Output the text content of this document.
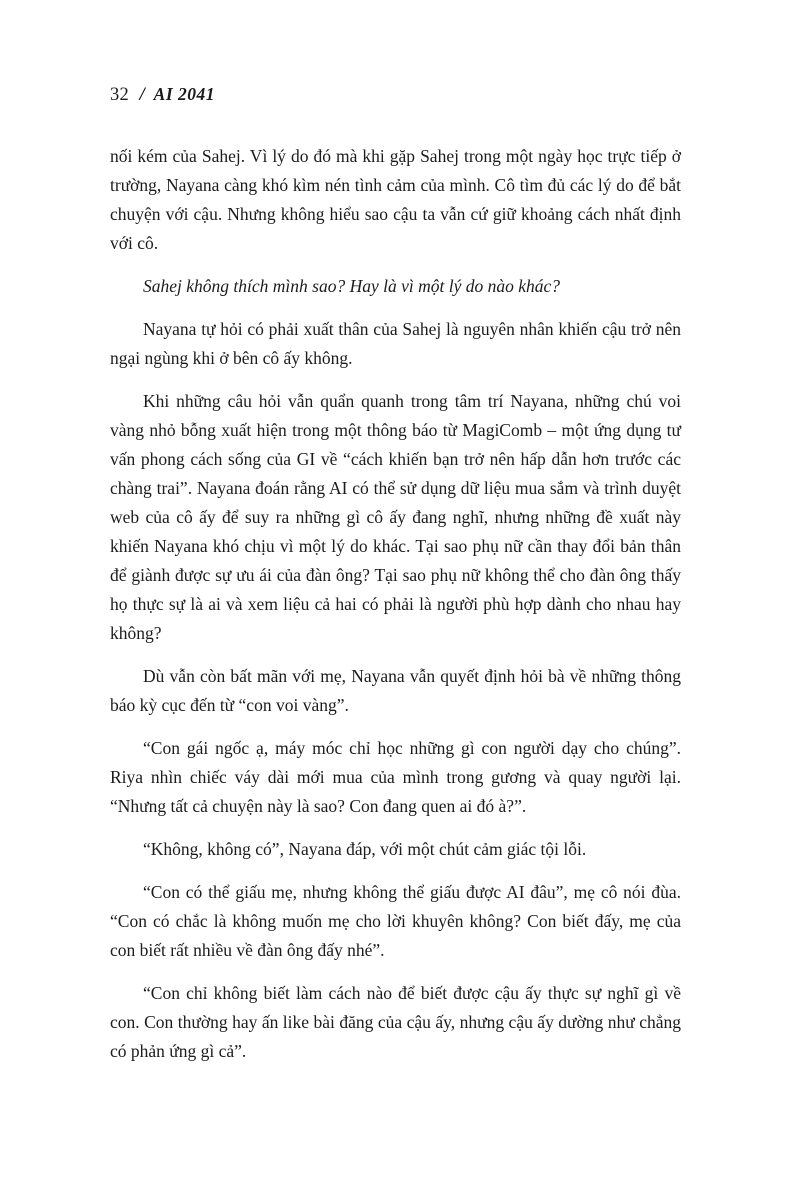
32 / AI 2041

nối kém của Sahej. Vì lý do đó mà khi gặp Sahej trong một ngày học trực tiếp ở trường, Nayana càng khó kìm nén tình cảm của mình. Cô tìm đủ các lý do để bắt chuyện với cậu. Nhưng không hiểu sao cậu ta vẫn cứ giữ khoảng cách nhất định với cô.

Sahej không thích mình sao? Hay là vì một lý do nào khác?

Nayana tự hỏi có phải xuất thân của Sahej là nguyên nhân khiến cậu trở nên ngại ngùng khi ở bên cô ấy không.

Khi những câu hỏi vẫn quẩn quanh trong tâm trí Nayana, những chú voi vàng nhỏ bỗng xuất hiện trong một thông báo từ MagiComb – một ứng dụng tư vấn phong cách sống của GI về “cách khiến bạn trở nên hấp dẫn hơn trước các chàng trai”. Nayana đoán rằng AI có thể sử dụng dữ liệu mua sắm và trình duyệt web của cô ấy để suy ra những gì cô ấy đang nghĩ, nhưng những đề xuất này khiến Nayana khó chịu vì một lý do khác. Tại sao phụ nữ cần thay đổi bản thân để giành được sự ưu ái của đàn ông? Tại sao phụ nữ không thể cho đàn ông thấy họ thực sự là ai và xem liệu cả hai có phải là người phù hợp dành cho nhau hay không?

Dù vẫn còn bất mãn với mẹ, Nayana vẫn quyết định hỏi bà về những thông báo kỳ cục đến từ “con voi vàng”.

“Con gái ngốc ạ, máy móc chỉ học những gì con người dạy cho chúng”. Riya nhìn chiếc váy dài mới mua của mình trong gương và quay người lại. “Nhưng tất cả chuyện này là sao? Con đang quen ai đó à?”.

“Không, không có”, Nayana đáp, với một chút cảm giác tội lỗi.

“Con có thể giấu mẹ, nhưng không thể giấu được AI đâu”, mẹ cô nói đùa. “Con có chắc là không muốn mẹ cho lời khuyên không? Con biết đấy, mẹ của con biết rất nhiều về đàn ông đấy nhé”.

“Con chỉ không biết làm cách nào để biết được cậu ấy thực sự nghĩ gì về con. Con thường hay ấn like bài đăng của cậu ấy, nhưng cậu ấy dường như chẳng có phản ứng gì cả”.
